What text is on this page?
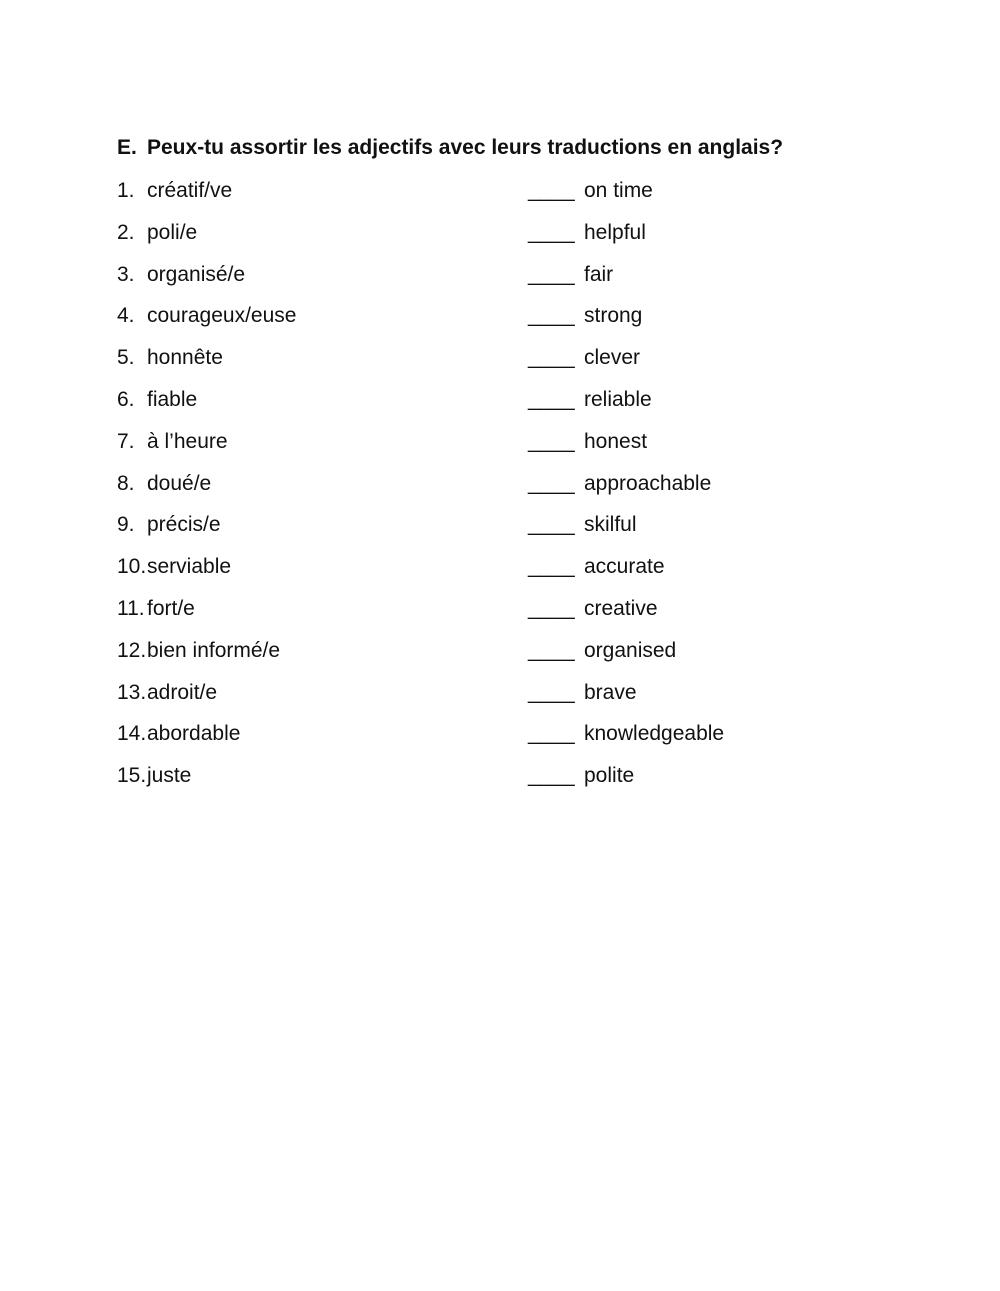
E. Peux-tu assortir les adjectifs avec leurs traductions en anglais?
1. créatif/ve	____ on time
2. poli/e	____ helpful
3. organisé/e	____ fair
4. courageux/euse	____ strong
5. honnête	____ clever
6. fiable	____ reliable
7. à l’heure	____ honest
8. doué/e	____ approachable
9. précis/e	____ skilful
10. serviable	____ accurate
11. fort/e	____ creative
12. bien informé/e	____ organised
13. adroit/e	____ brave
14. abordable	____ knowledgeable
15. juste	____ polite
